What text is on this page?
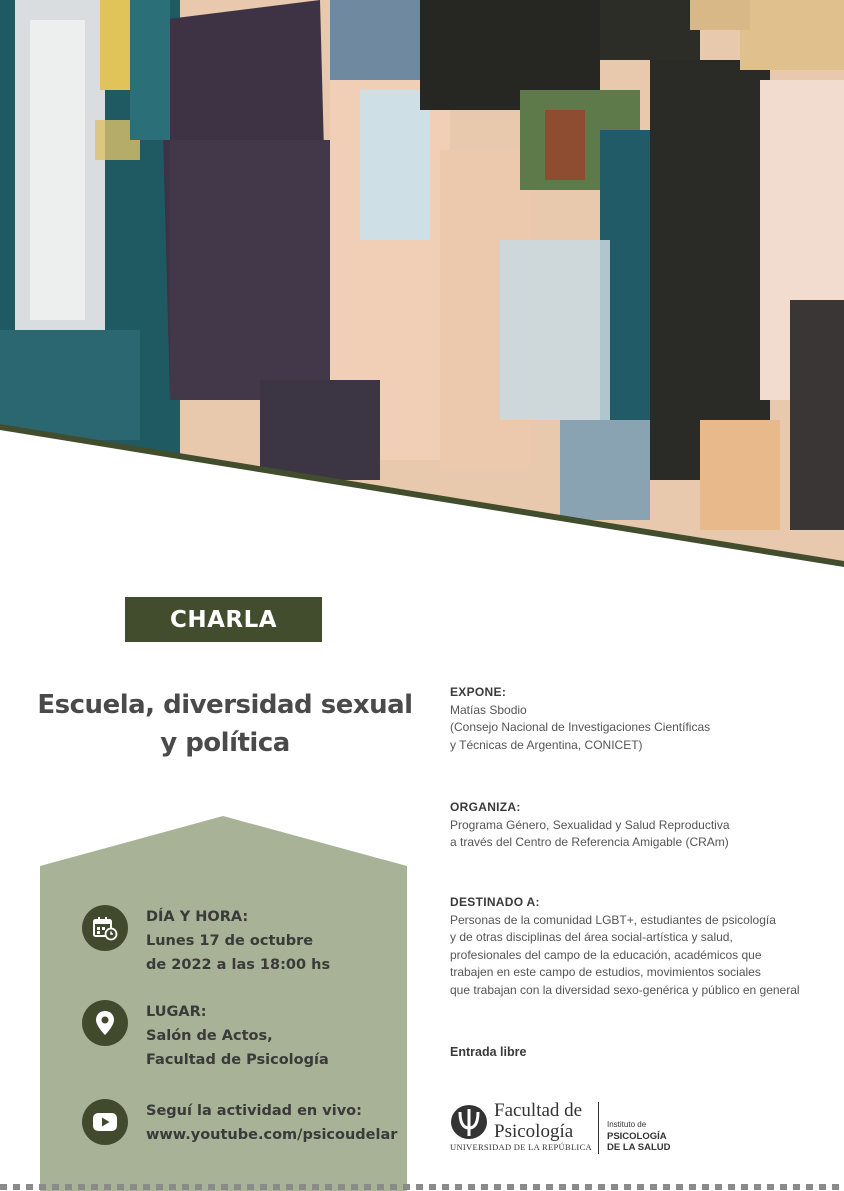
CHARLA
Escuela, diversidad sexual
y política
DÍA Y HORA:
Lunes 17 de octubre
de 2022 a las 18:00 hs
LUGAR:
Salón de Actos,
Facultad de Psicología
Seguí la actividad en vivo:
www.youtube.com/psicoudelar
EXPONE:
Matías Sbodio
(Consejo Nacional de Investigaciones Científicas
y Técnicas de Argentina, CONICET)
ORGANIZA:
Programa Género, Sexualidad y Salud Reproductiva
a través del Centro de Referencia Amigable (CRAm)
DESTINADO A:
Personas de la comunidad LGBT+, estudiantes de psicología
y de otras disciplinas del área social-artística y salud,
profesionales del campo de la educación, académicos que
trabajen en este campo de estudios, movimientos sociales
que trabajan con la diversidad sexo-genérica y público en general
Entrada libre
Facultad de
Psicología
UNIVERSIDAD DE LA REPÚBLICA
Instituto de
PSICOLOGÍA
DE LA SALUD
